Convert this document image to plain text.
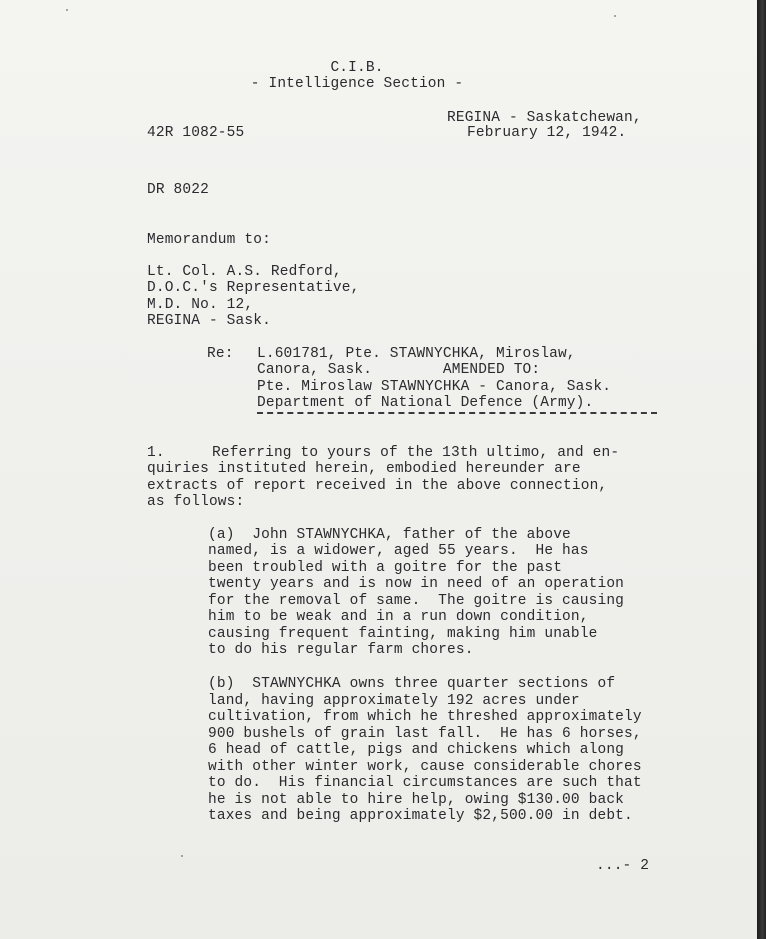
C.I.B.
- Intelligence Section -
REGINA - Saskatchewan,
42R 1082-55	February 12, 1942.
DR 8022
Memorandum to:
Lt. Col. A.S. Redford,
D.O.C.'s Representative,
M.D. No. 12,
REGINA - Sask.
Re: L.601781, Pte. STAWNYCHKA, Miroslaw,
Canora, Sask.        AMENDED TO:
Pte. Miroslaw STAWNYCHKA - Canora, Sask.
Department of National Defence (Army).
1.	Referring to yours of the 13th ultimo, and en-
quiries instituted herein, embodied hereunder are
extracts of report received in the above connection,
as follows:
(a)  John STAWNYCHKA, father of the above
named, is a widower, aged 55 years.  He has
been troubled with a goitre for the past
twenty years and is now in need of an operation
for the removal of same.  The goitre is causing
him to be weak and in a run down condition,
causing frequent fainting, making him unable
to do his regular farm chores.
(b)  STAWNYCHKA owns three quarter sections of
land, having approximately 192 acres under
cultivation, from which he threshed approximately
900 bushels of grain last fall.  He has 6 horses,
6 head of cattle, pigs and chickens which along
with other winter work, cause considerable chores
to do.  His financial circumstances are such that
he is not able to hire help, owing $130.00 back
taxes and being approximately $2,500.00 in debt.
...- 2
